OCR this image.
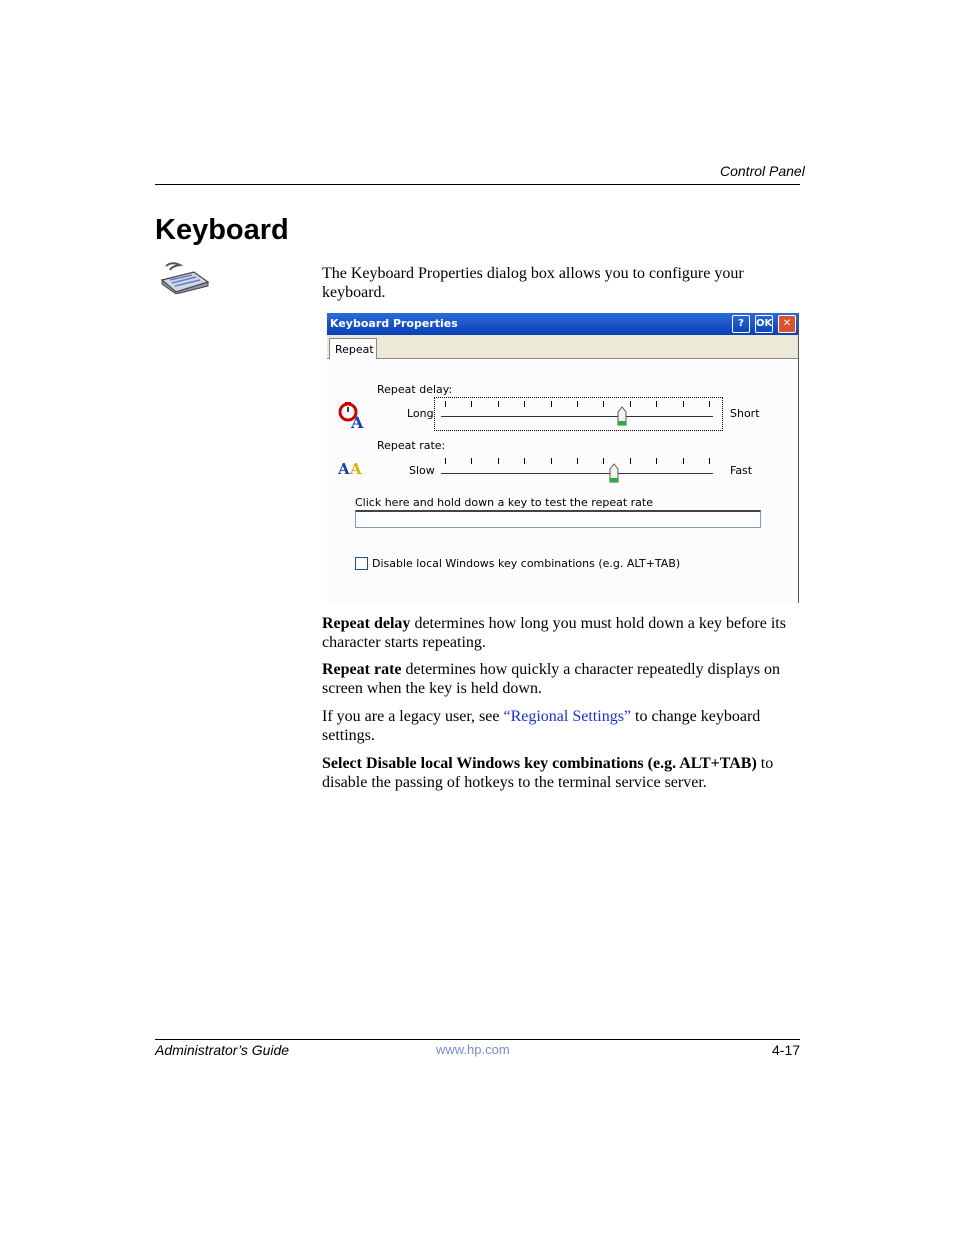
Control Panel
Keyboard
The Keyboard Properties dialog box allows you to configure your keyboard.
Keyboard Properties	?	OK	✕
Repeat delay:
A	Long	Short
Repeat rate:
A A	Slow	Fast
Click here and hold down a key to test the repeat rate
Disable local Windows key combinations (e.g. ALT+TAB)
Repeat
Repeat delay determines how long you must hold down a key before its character starts repeating.
Repeat rate determines how quickly a character repeatedly displays on screen when the key is held down.
If you are a legacy user, see “Regional Settings” to change keyboard settings.
Select Disable local Windows key combinations (e.g. ALT+TAB) to disable the passing of hotkeys to the terminal service server.
Administrator’s Guide	www.hp.com	4-17
